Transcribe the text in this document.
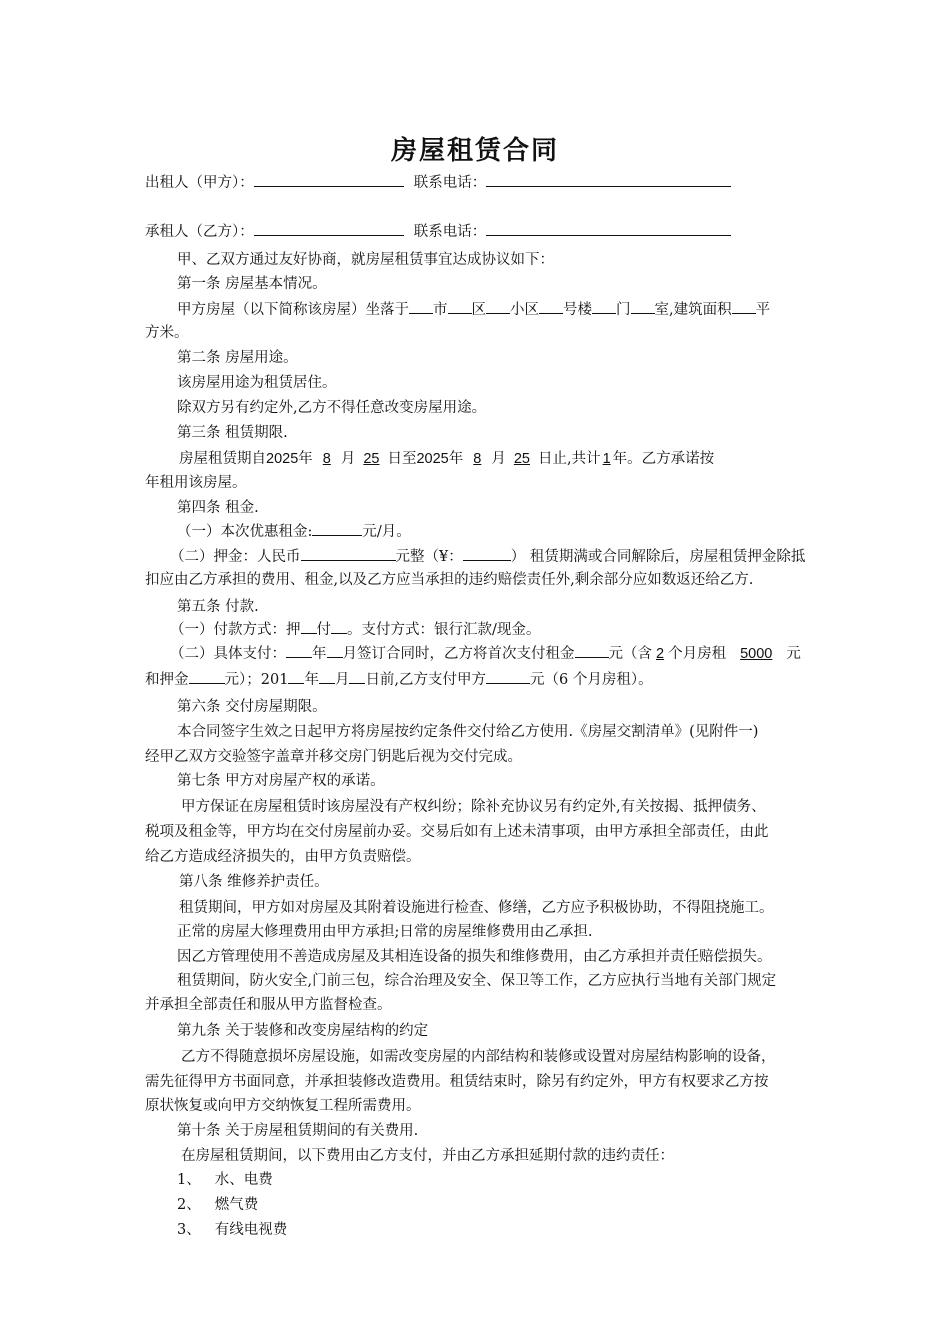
房屋租赁合同
出租人（甲方）：	联系电话：
承租人（乙方）：	联系电话：
甲、乙双方通过友好协商，就房屋租赁事宜达成协议如下：
第一条 房屋基本情况。
甲方房屋（以下简称该房屋）坐落于 市 区 小区 号楼 门 室,建筑面积 平
方米。
第二条 房屋用途。
该房屋用途为租赁居住。
除双方另有约定外,乙方不得任意改变房屋用途。
第三条 租赁期限.
房屋租赁期自2025年 8 月 25 日至2025年 8 月 25 日止,共计 1 年。乙方承诺按
年租用该房屋。
第四条 租金.
（一）本次优惠租金:	元/月。
（二）押金：人民币	元整（¥：	） 租赁期满或合同解除后，房屋租赁押金除抵
扣应由乙方承担的费用、租金,以及乙方应当承担的违约赔偿责任外,剩余部分应如数返还给乙方.
第五条 付款.
（一）付款方式：押 付 。支付方式：银行汇款/现金。
（二）具体支付： 年 月签订合同时，乙方将首次支付租金 元（含 2 个月房租 5000 元
和押金 元）；201 年 月 日前,乙方支付甲方	元（6 个月房租）。
第六条 交付房屋期限。
本合同签字生效之日起甲方将房屋按约定条件交付给乙方使用.《房屋交割清单》(见附件一)
经甲乙双方交验签字盖章并移交房门钥匙后视为交付完成。
第七条 甲方对房屋产权的承诺。
甲方保证在房屋租赁时该房屋没有产权纠纷；除补充协议另有约定外,有关按揭、抵押债务、
税项及租金等，甲方均在交付房屋前办妥。交易后如有上述未清事项，由甲方承担全部责任，由此
给乙方造成经济损失的，由甲方负责赔偿。
第八条 维修养护责任。
租赁期间，甲方如对房屋及其附着设施进行检查、修缮，乙方应予积极协助，不得阻挠施工。
正常的房屋大修理费用由甲方承担;日常的房屋维修费用由乙承担.
因乙方管理使用不善造成房屋及其相连设备的损失和维修费用，由乙方承担并责任赔偿损失。
租赁期间，防火安全,门前三包，综合治理及安全、保卫等工作，乙方应执行当地有关部门规定
并承担全部责任和服从甲方监督检查。
第九条 关于装修和改变房屋结构的约定
乙方不得随意损坏房屋设施，如需改变房屋的内部结构和装修或设置对房屋结构影响的设备，
需先征得甲方书面同意，并承担装修改造费用。租赁结束时，除另有约定外，甲方有权要求乙方按
原状恢复或向甲方交纳恢复工程所需费用。
第十条 关于房屋租赁期间的有关费用.
在房屋租赁期间，以下费用由乙方支付，并由乙方承担延期付款的违约责任：
1、 水、电费
2、 燃气费
3、 有线电视费
